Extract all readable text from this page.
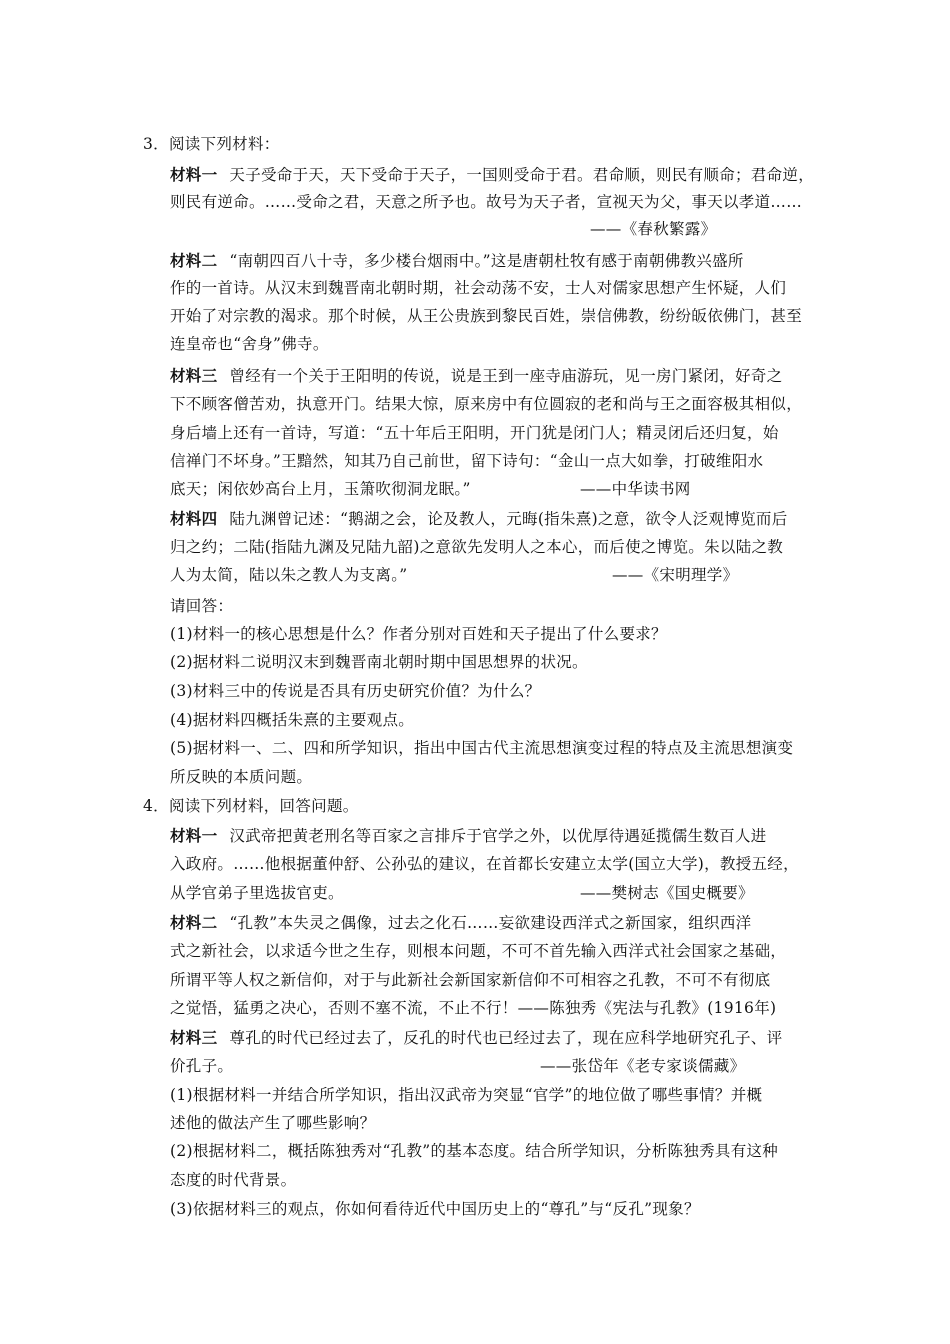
3．阅读下列材料：
材料一 天子受命于天，天下受命于天子，一国则受命于君。君命顺，则民有顺命；君命逆，
则民有逆命。……受命之君，天意之所予也。故号为天子者，宣视天为父，事天以孝道……
——《春秋繁露》
材料二 “南朝四百八十寺，多少楼台烟雨中。”这是唐朝杜牧有感于南朝佛教兴盛所
作的一首诗。从汉末到魏晋南北朝时期，社会动荡不安，士人对儒家思想产生怀疑，人们
开始了对宗教的渴求。那个时候，从王公贵族到黎民百姓，崇信佛教，纷纷皈依佛门，甚至
连皇帝也“舍身”佛寺。
材料三 曾经有一个关于王阳明的传说，说是王到一座寺庙游玩，见一房门紧闭，好奇之
下不顾客僧苦劝，执意开门。结果大惊，原来房中有位圆寂的老和尚与王之面容极其相似，
身后墙上还有一首诗，写道：“五十年后王阳明，开门犹是闭门人；精灵闭后还归复，始
信禅门不坏身。”王黯然，知其乃自己前世，留下诗句：“金山一点大如拳，打破维阳水
底天；闲依妙高台上月，玉箫吹彻洞龙眠。”	——中华读书网
材料四 陆九渊曾记述：“鹅湖之会，论及教人，元晦(指朱熹)之意，欲令人泛观博览而后
归之约；二陆(指陆九渊及兄陆九韶)之意欲先发明人之本心，而后使之博览。朱以陆之教
人为太简，陆以朱之教人为支离。”	——《宋明理学》
请回答：
(1)材料一的核心思想是什么？作者分别对百姓和天子提出了什么要求？
(2)据材料二说明汉末到魏晋南北朝时期中国思想界的状况。
(3)材料三中的传说是否具有历史研究价值？为什么？
(4)据材料四概括朱熹的主要观点。
(5)据材料一、二、四和所学知识，指出中国古代主流思想演变过程的特点及主流思想演变
所反映的本质问题。
4．阅读下列材料，回答问题。
材料一 汉武帝把黄老刑名等百家之言排斥于官学之外，以优厚待遇延揽儒生数百人进
入政府。……他根据董仲舒、公孙弘的建议，在首都长安建立太学(国立大学)，教授五经，
从学官弟子里选拔官吏。	——樊树志《国史概要》
材料二 “孔教”本失灵之偶像，过去之化石……妄欲建设西洋式之新国家，组织西洋
式之新社会，以求适今世之生存，则根本问题，不可不首先输入西洋式社会国家之基础，
所谓平等人权之新信仰，对于与此新社会新国家新信仰不可相容之孔教，不可不有彻底
之觉悟，猛勇之决心，否则不塞不流，不止不行！——陈独秀《宪法与孔教》(1916年)
材料三 尊孔的时代已经过去了，反孔的时代也已经过去了，现在应科学地研究孔子、评
价孔子。	——张岱年《老专家谈儒藏》
(1)根据材料一并结合所学知识，指出汉武帝为突显“官学”的地位做了哪些事情？并概
述他的做法产生了哪些影响？
(2)根据材料二，概括陈独秀对“孔教”的基本态度。结合所学知识，分析陈独秀具有这种
态度的时代背景。
(3)依据材料三的观点，你如何看待近代中国历史上的“尊孔”与“反孔”现象？
